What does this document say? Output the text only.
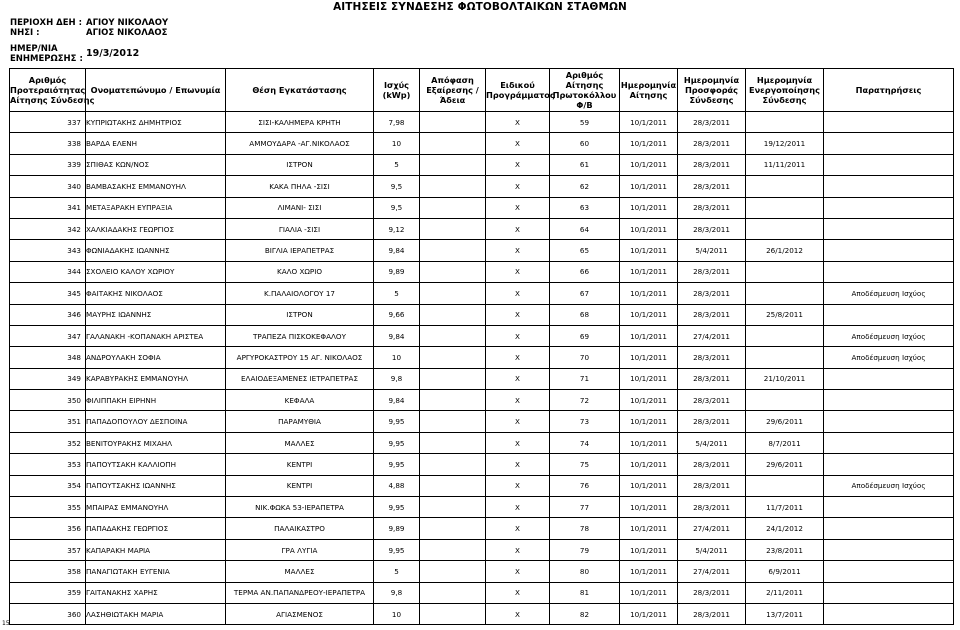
ΑΙΤΗΣΕΙΣ ΣΥΝΔΕΣΗΣ ΦΩΤΟΒΟΛΤΑΙΚΩΝ ΣΤΑΘΜΩΝ
ΠΕΡΙΟΧΗ ΔΕΗ : ΑΓΙΟΥ ΝΙΚΟΛΑΟΥ
ΝΗΣΙ :	ΑΓΙΟΣ ΝΙΚΟΛΑΟΣ
ΗΜΕΡ/ΝΙΑ
ΕΝΗΜΕΡΩΣΗΣ : 19/3/2012
Αριθμός
Προτεραιότητας
Αίτησης Σύνδεσης	Ονοματεπώνυμο / Επωνυμία	Θέση Εγκατάστασης	Ισχύς
(kWp)	Απόφαση
Εξαίρεσης /
Άδεια	Ειδικού
Προγράμματος	Αριθμός
Αίτησης
Πρωτοκόλλου
Φ/Β	Ημερομηνία
Αίτησης	Ημερομηνία
Προσφοράς
Σύνδεσης	Ημερομηνία
Ενεργοποίησης
Σύνδεσης	Παρατηρήσεις
337	ΚΥΠΡΙΩΤΑΚΗΣ ΔΗΜΗΤΡΙΟΣ	ΣΙΣΙ-ΚΑΛΗΜΕΡΑ ΚΡΗΤΗ	7,98		X	59	10/1/2011	28/3/2011		
338	ΒΑΡΔΑ ΕΛΕΝΗ	ΑΜΜΟΥΔΑΡΑ -ΑΓ.ΝΙΚΟΛΑΟΣ	10		X	60	10/1/2011	28/3/2011	19/12/2011	
339	ΣΠΙΘΑΣ ΚΩΝ/ΝΟΣ	ΙΣΤΡΟΝ	5		X	61	10/1/2011	28/3/2011	11/11/2011	
340	ΒΑΜΒΑΣΑΚΗΣ ΕΜΜΑΝΟΥΗΛ	ΚΑΚΑ ΠΗΛΑ -ΣΙΣΙ	9,5		X	62	10/1/2011	28/3/2011		
341	ΜΕΤΑΞΑΡΑΚΗ ΕΥΠΡΑΞΙΑ	ΛΙΜΑΝΙ- ΣΙΣΙ	9,5		X	63	10/1/2011	28/3/2011		
342	ΧΑΛΚΙΑΔΑΚΗΣ ΓΕΩΡΓΙΟΣ	ΓΙΑΛΙΑ -ΣΙΣΙ	9,12		X	64	10/1/2011	28/3/2011		
343	ΦΩΝΙΑΔΑΚΗΣ ΙΩΑΝΝΗΣ	ΒΙΓΛΙΑ ΙΕΡΑΠΕΤΡΑΣ	9,84		X	65	10/1/2011	5/4/2011	26/1/2012	
344	ΣΧΟΛΕΙΟ ΚΑΛΟΥ ΧΩΡΙΟΥ	ΚΑΛΟ ΧΩΡΙΟ	9,89		X	66	10/1/2011	28/3/2011		
345	ΦΑΙΤΑΚΗΣ ΝΙΚΟΛΑΟΣ	Κ.ΠΑΛΑΙΟΛΟΓΟΥ 17	5		X	67	10/1/2011	28/3/2011		Αποδέσμευση Ισχύος
346	ΜΑΥΡΗΣ ΙΩΑΝΝΗΣ	ΙΣΤΡΟΝ	9,66		X	68	10/1/2011	28/3/2011	25/8/2011	
347	ΓΑΛΑΝΑΚΗ -ΚΟΠΑΝΑΚΗ ΑΡΙΣΤΕΑ	ΤΡΑΠΕΖΑ ΠΙΣΚΟΚΕΦΑΛΟΥ	9,84		X	69	10/1/2011	27/4/2011		Αποδέσμευση Ισχύος
348	ΑΝΔΡΟΥΛΑΚΗ ΣΟΦΙΑ	ΑΡΓΥΡΟΚΑΣΤΡΟΥ 15 ΑΓ. ΝΙΚΟΛΑΟΣ	10		X	70	10/1/2011	28/3/2011		Αποδέσμευση Ισχύος
349	ΚΑΡΑΒΥΡΑΚΗΣ ΕΜΜΑΝΟΥΗΛ	ΕΛΑΙΟΔΕΞΑΜΕΝΕΣ ΙΕΤΡΑΠΕΤΡΑΣ	9,8		X	71	10/1/2011	28/3/2011	21/10/2011	
350	ΦΙΛΙΠΠΑΚΗ ΕΙΡΗΝΗ	ΚΕΦΑΛΑ	9,84		X	72	10/1/2011	28/3/2011		
351	ΠΑΠΑΔΟΠΟΥΛΟΥ ΔΕΣΠΟΙΝΑ	ΠΑΡΑΜΥΘΙΑ	9,95		X	73	10/1/2011	28/3/2011	29/6/2011	
352	ΒΕΝΙΤΟΥΡΑΚΗΣ ΜΙΧΑΗΛ	ΜΑΛΛΕΣ	9,95		X	74	10/1/2011	5/4/2011	8/7/2011	
353	ΠΑΠΟΥΤΣΑΚΗ ΚΑΛΛΙΟΠΗ	ΚΕΝΤΡΙ	9,95		X	75	10/1/2011	28/3/2011	29/6/2011	
354	ΠΑΠΟΥΤΣΑΚΗΣ ΙΩΑΝΝΗΣ	ΚΕΝΤΡΙ	4,88		X	76	10/1/2011	28/3/2011		Αποδέσμευση Ισχύος
355	ΜΠΑΙΡΑΣ ΕΜΜΑΝΟΥΗΛ	ΝΙΚ.ΦΩΚΑ 53-ΙΕΡΑΠΕΤΡΑ	9,95		X	77	10/1/2011	28/3/2011	11/7/2011	
356	ΠΑΠΑΔΑΚΗΣ ΓΕΩΡΓΙΟΣ	ΠΑΛΑΙΚΑΣΤΡΟ	9,89		X	78	10/1/2011	27/4/2011	24/1/2012	
357	ΚΑΠΑΡΑΚΗ ΜΑΡΙΑ	ΓΡΑ ΛΥΓΙΑ	9,95		X	79	10/1/2011	5/4/2011	23/8/2011	
358	ΠΑΝΑΓΙΩΤΑΚΗ ΕΥΓΕΝΙΑ	ΜΑΛΛΕΣ	5		X	80	10/1/2011	27/4/2011	6/9/2011	
359	ΓΑΙΤΑΝΑΚΗΣ ΧΑΡΗΣ	ΤΕΡΜΑ ΑΝ.ΠΑΠΑΝΔΡΕΟΥ-ΙΕΡΑΠΕΤΡΑ	9,8		X	81	10/1/2011	28/3/2011	2/11/2011	
360	ΛΑΣΗΘΙΩΤΑΚΗ ΜΑΡΙΑ	ΑΓΙΑΣΜΕΝΟΣ	10		X	82	10/1/2011	28/3/2011	13/7/2011	
15
